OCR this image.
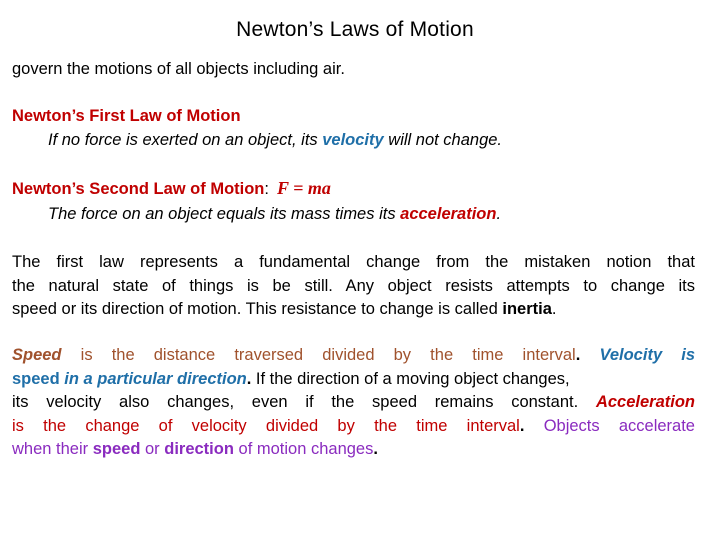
Newton’s Laws of Motion
govern the motions of all objects including air.
Newton’s First Law of Motion
If no force is exerted on an object, its velocity will not change.
Newton’s Second Law of Motion: F = ma
The force on an object equals its mass times its acceleration.
The first law represents a fundamental change from the mistaken notion that
the natural state of things is be still. Any object resists attempts to change its
speed or its direction of motion. This resistance to change is called inertia.
Speed is the distance traversed divided by the time interval. Velocity is
speed in a particular direction. If the direction of a moving object changes,
its velocity also changes, even if the speed remains constant. Acceleration
is the change of velocity divided by the time interval. Objects accelerate
when their speed or direction of motion changes.
